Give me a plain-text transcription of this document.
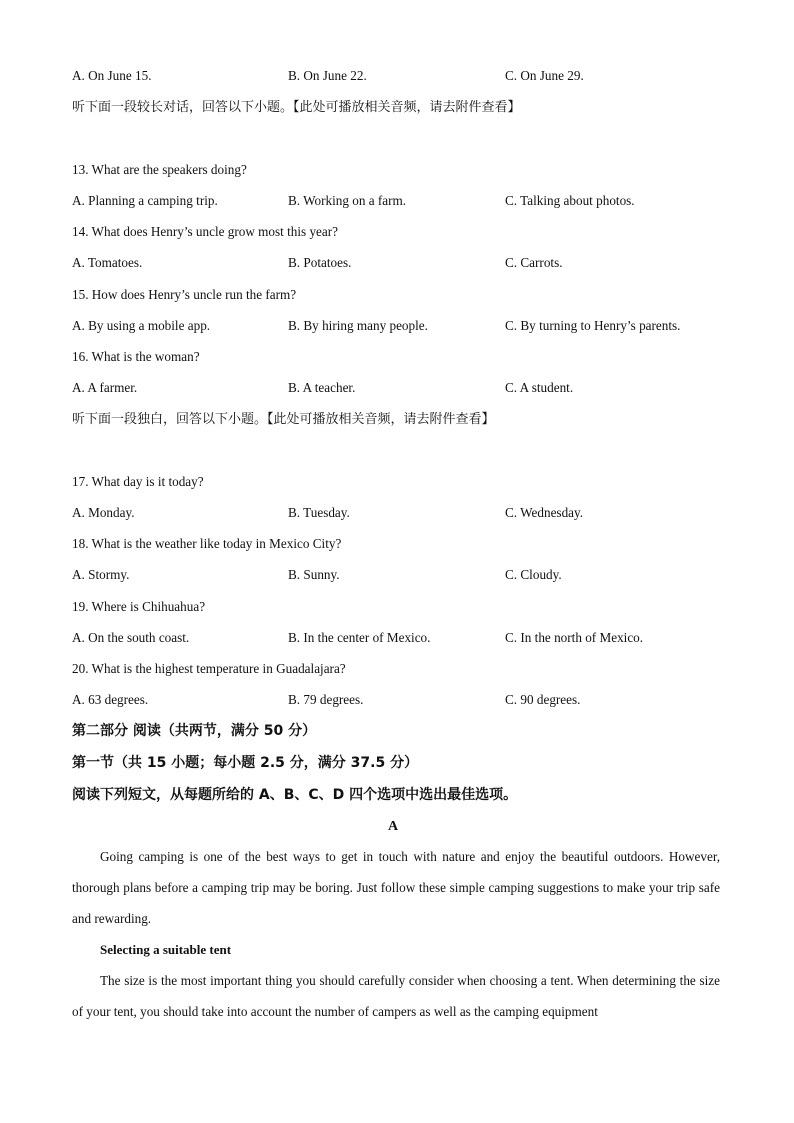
A. On June 15.	B. On June 22.	C. On June 29.
听下面一段较长对话，回答以下小题。【此处可播放相关音频，请去附件查看】
13. What are the speakers doing?
A. Planning a camping trip.	B. Working on a farm.	C. Talking about photos.
14. What does Henry’s uncle grow most this year?
A. Tomatoes.	B. Potatoes.	C. Carrots.
15. How does Henry’s uncle run the farm?
A. By using a mobile app.	B. By hiring many people.	C. By turning to Henry’s parents.
16. What is the woman?
A. A farmer.	B. A teacher.	C. A student.
听下面一段独白，回答以下小题。【此处可播放相关音频，请去附件查看】
17. What day is it today?
A. Monday.	B. Tuesday.	C. Wednesday.
18. What is the weather like today in Mexico City?
A. Stormy.	B. Sunny.	C. Cloudy.
19. Where is Chihuahua?
A. On the south coast.	B. In the center of Mexico.	C. In the north of Mexico.
20. What is the highest temperature in Guadalajara?
A. 63 degrees.	B. 79 degrees.	C. 90 degrees.
第二部分 阅读（共两节，满分 50 分）
第一节（共 15 小题；每小题 2.5 分，满分 37.5 分）
阅读下列短文，从每题所给的 A、B、C、D 四个选项中选出最佳选项。
A
Going camping is one of the best ways to get in touch with nature and enjoy the beautiful outdoors. However, thorough plans before a camping trip may be boring. Just follow these simple camping suggestions to make your trip safe and rewarding.
Selecting a suitable tent
The size is the most important thing you should carefully consider when choosing a tent. When determining the size of your tent, you should take into account the number of campers as well as the camping equipment
